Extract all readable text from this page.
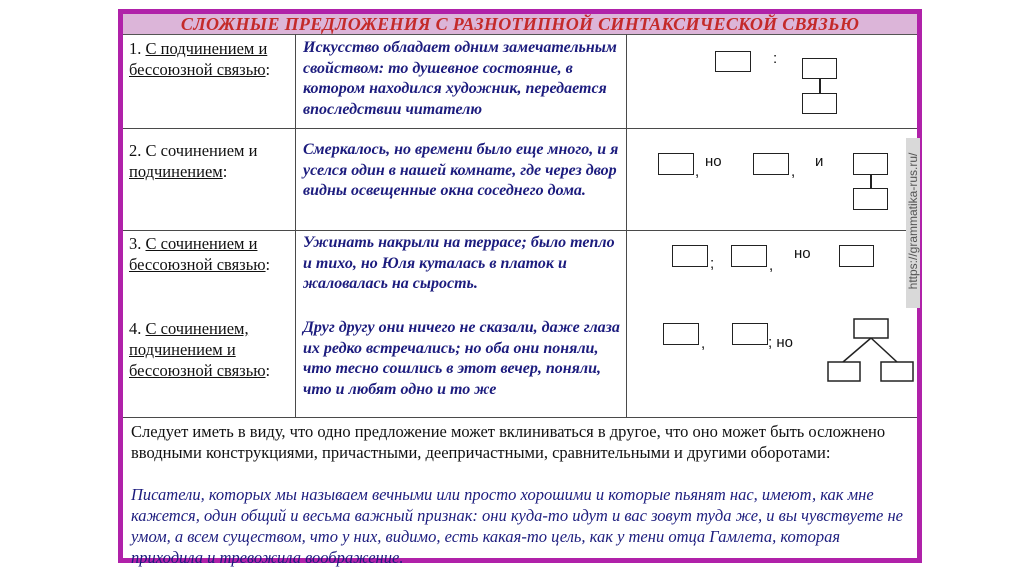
СЛОЖНЫЕ ПРЕДЛОЖЕНИЯ С РАЗНОТИПНОЙ СИНТАКСИЧЕСКОЙ СВЯЗЬЮ
1. С подчинением и бессоюзной связью:
Искусство обладает одним замечательным свойством: то душевное состояние, в котором находился художник, передается впоследствии читателю
:
2. С сочинением и подчинением:
Смеркалось, но времени было еще много, и я уселся один в нашей комнате, где через двор видны освещенные окна соседнего дома.
,
но
,
и
3. С сочинением и бессоюзной связью:
Ужинать накрыли на террасе; было тепло и тихо, но Юля куталась в платок и жаловалась на сырость.
;	,
но
4. С сочинением, подчинением и бессоюзной связью:
Друг другу они ничего не сказали, даже глаза их редко встречались; но оба они поняли, что тесно сошлись в этот вечер, поняли, что и любят одно и то же
,	; но
Следует иметь в виду, что одно предложение может вклиниваться в другое, что оно может быть осложнено вводными конструкциями, причастными, деепричастными, сравнительными и другими оборотами:
Писатели, которых мы называем вечными или просто хорошими и которые пьянят нас, имеют, как мне кажется, один общий и весьма важный признак: они куда-то идут и вас зовут туда же, и вы чувствуете не умом, а всем существом, что у них, видимо, есть какая-то цель, как у тени отца Гамлета, которая приходила и тревожила воображение.
https://grammatika-rus.ru/
